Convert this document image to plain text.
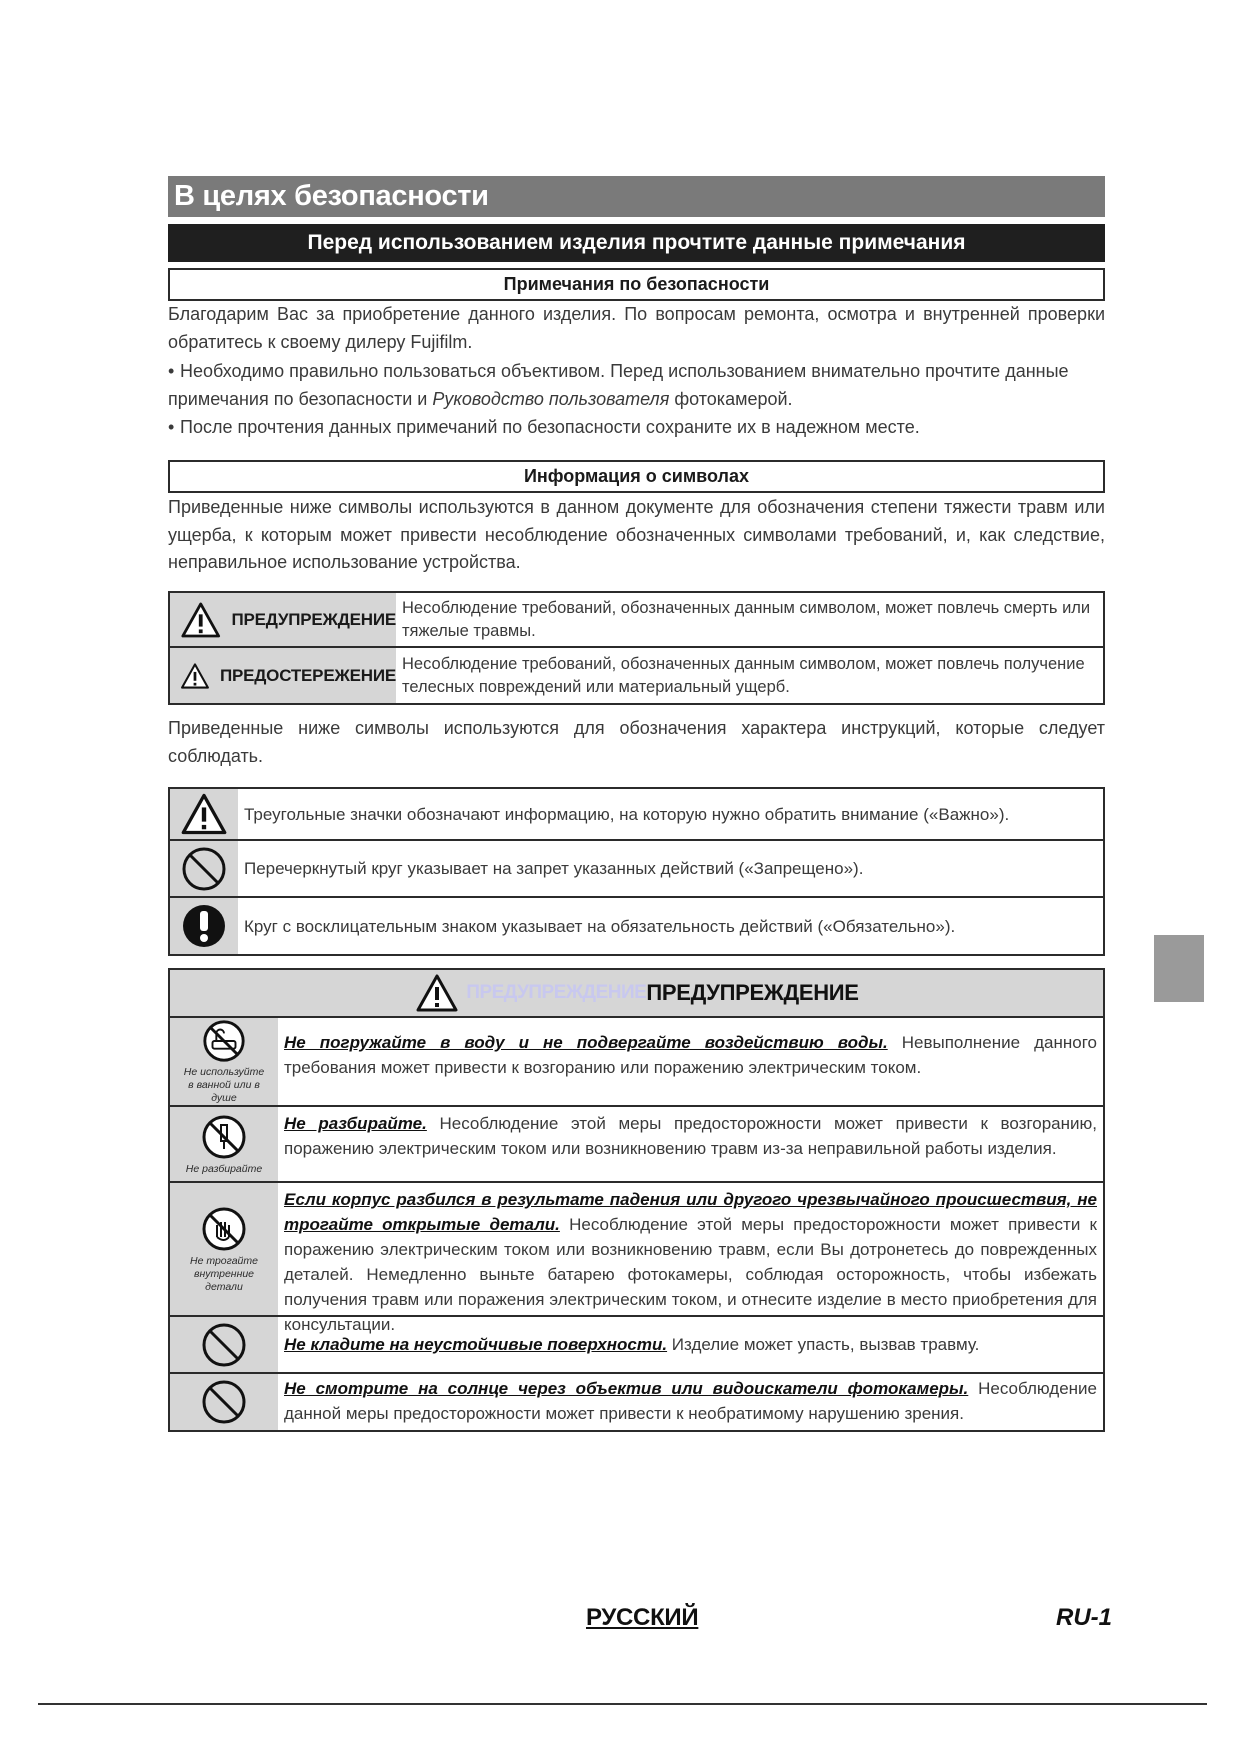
В целях безопасности
Перед использованием изделия прочтите данные примечания
Примечания по безопасности
Благодарим Вас за приобретение данного изделия. По вопросам ремонта, осмотра и внутренней проверки обратитесь к своему дилеру Fujifilm.
• Необходимо правильно пользоваться объективом. Перед использованием внимательно прочтите данные примечания по безопасности и Руководство пользователя фотокамерой.
• После прочтения данных примечаний по безопасности сохраните их в надежном месте.
Информация о символах
Приведенные ниже символы используются в данном документе для обозначения степени тяжести травм или ущерба, к которым может привести несоблюдение обозначенных символами требований, и, как следствие, неправильное использование устройства.
ПРЕДУПРЕЖДЕНИЕ
Несоблюдение требований, обозначенных данным символом, может повлечь смерть или тяжелые травмы.
ПРЕДОСТЕРЕЖЕНИЕ
Несоблюдение требований, обозначенных данным символом, может повлечь получение телесных повреждений или материальный ущерб.
Приведенные ниже символы используются для обозначения характера инструкций, которые следует соблюдать.
Треугольные значки обозначают информацию, на которую нужно обратить внимание («Важно»).
Перечеркнутый круг указывает на запрет указанных действий («Запрещено»).
Круг с восклицательным знаком указывает на обязательность действий («Обязательно»).
ПРЕДУПРЕЖДЕНИЕ ПРЕДУПРЕЖДЕНИЕ
Не используйте в ванной или в душе
Не погружайте в воду и не подвергайте воздействию воды. Невыполнение данного требования может привести к возгоранию или поражению электрическим током.
Не разбирайте
Не разбирайте. Несоблюдение этой меры предосторожности может привести к возгоранию, поражению электрическим током или возникновению травм из-за неправильной работы изделия.
Не трогайте внутренние детали
Если корпус разбился в результате падения или другого чрезвычайного происшествия, не трогайте открытые детали. Несоблюдение этой меры предосторожности может привести к поражению электрическим током или возникновению травм, если Вы дотронетесь до поврежденных деталей. Немедленно выньте батарею фотокамеры, соблюдая осторожность, чтобы избежать получения травм или поражения электрическим током, и отнесите изделие в место приобретения для консультации.
Не кладите на неустойчивые поверхности. Изделие может упасть, вызвав травму.
Не смотрите на солнце через объектив или видоискатели фотокамеры. Несоблюдение данной меры предосторожности может привести к необратимому нарушению зрения.
РУССКИЙ	RU-1
